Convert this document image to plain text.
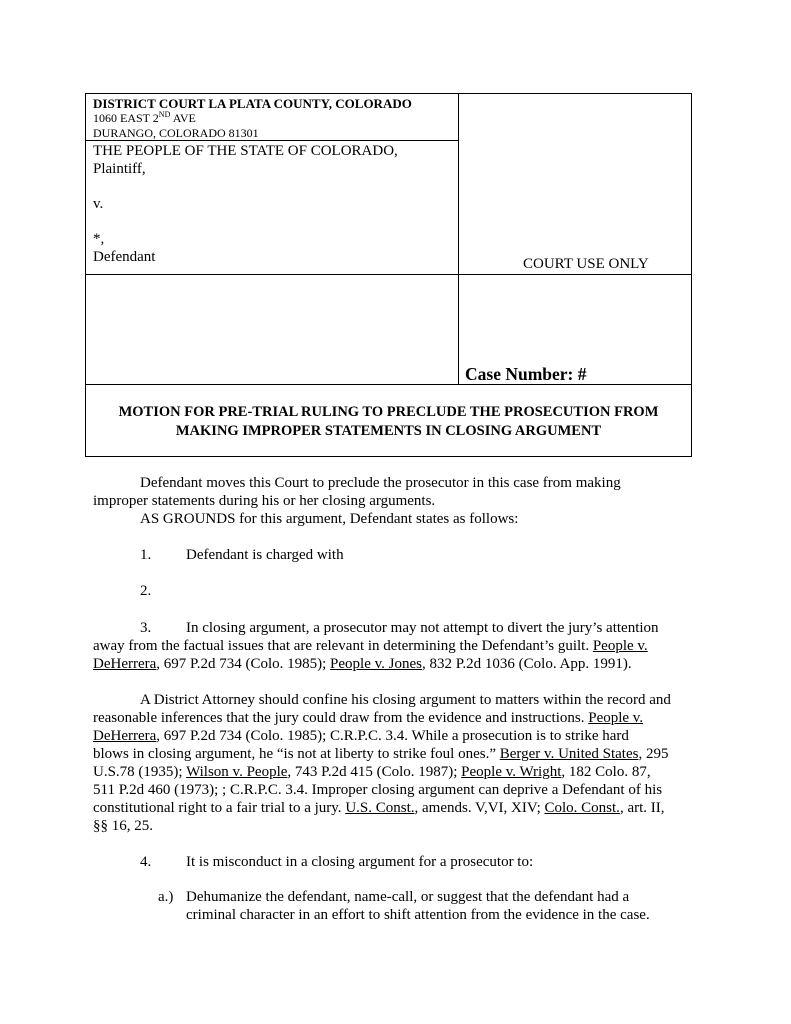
DISTRICT COURT LA PLATA COUNTY, COLORADO
1060 EAST 2ND AVE
DURANGO, COLORADO 81301
THE PEOPLE OF THE STATE OF COLORADO,
Plaintiff,
v.
*,
Defendant	COURT USE ONLY
Case Number: #
MOTION FOR PRE-TRIAL RULING TO PRECLUDE THE PROSECUTION FROM
MAKING IMPROPER STATEMENTS IN CLOSING ARGUMENT
Defendant moves this Court to preclude the prosecutor in this case from making
improper statements during his or her closing arguments.
AS GROUNDS for this argument, Defendant states as follows:
1. Defendant is charged with
2.
3. In closing argument, a prosecutor may not attempt to divert the jury’s attention
away from the factual issues that are relevant in determining the Defendant’s guilt. People v.
DeHerrera, 697 P.2d 734 (Colo. 1985); People v. Jones, 832 P.2d 1036 (Colo. App. 1991).
A District Attorney should confine his closing argument to matters within the record and
reasonable inferences that the jury could draw from the evidence and instructions. People v.
DeHerrera, 697 P.2d 734 (Colo. 1985); C.R.P.C. 3.4. While a prosecution is to strike hard
blows in closing argument, he “is not at liberty to strike foul ones.” Berger v. United States, 295
U.S.78 (1935); Wilson v. People, 743 P.2d 415 (Colo. 1987); People v. Wright, 182 Colo. 87,
511 P.2d 460 (1973); ; C.R.P.C. 3.4. Improper closing argument can deprive a Defendant of his
constitutional right to a fair trial to a jury. U.S. Const., amends. V,VI, XIV; Colo. Const., art. II,
§§ 16, 25.
4. It is misconduct in a closing argument for a prosecutor to:
a.) Dehumanize the defendant, name-call, or suggest that the defendant had a
criminal character in an effort to shift attention from the evidence in the case.
